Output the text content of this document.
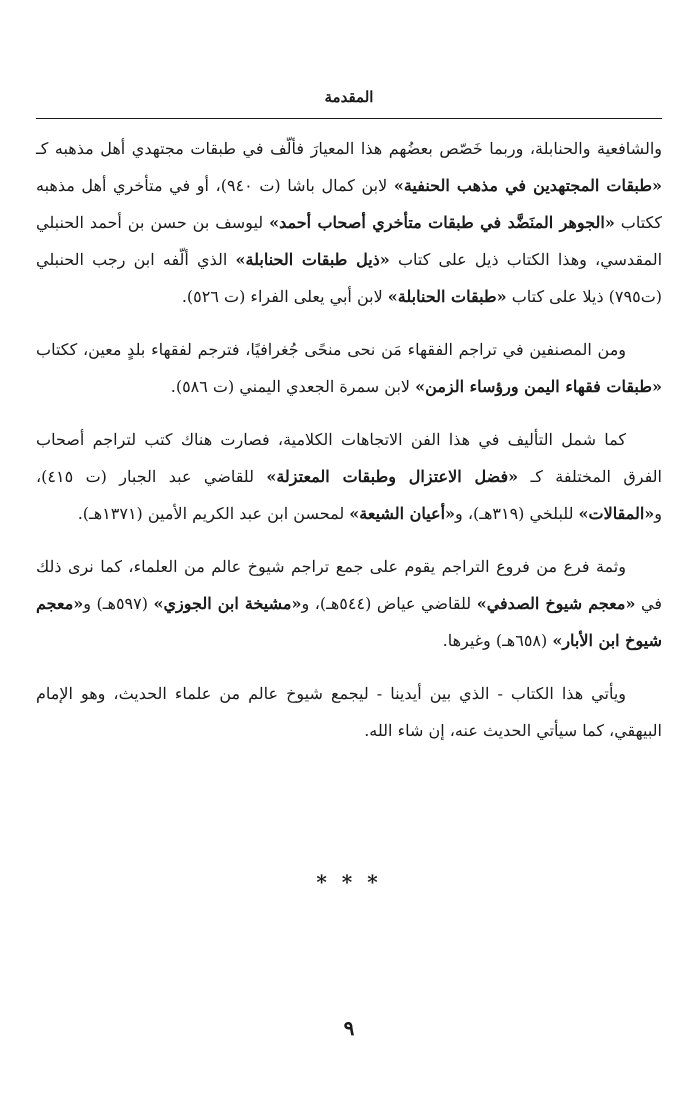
المقدمة

والشافعية والحنابلة، وربما خَصّص بعضُهم هذا المعيارَ فألّف في طبقات مجتهدي أهل مذهبه كـ «طبقات المجتهدين في مذهب الحنفية» لابن كمال باشا (ت ٩٤٠)، أو في متأخري أهل مذهبه ككتاب «الجوهر المنَضَّد في طبقات متأخري أصحاب أحمد» ليوسف بن حسن بن أحمد الحنبلي المقدسي، وهذا الكتاب ذيل على كتاب «ذيل طبقات الحنابلة» الذي ألّفه ابن رجب الحنبلي (ت٧٩٥) ذيلا على كتاب «طبقات الحنابلة» لابن أبي يعلى الفراء (ت ٥٢٦).

ومن المصنفين في تراجم الفقهاء مَن نحى منحًى جُغرافيًا، فترجم لفقهاء بلدٍ معين، ككتاب «طبقات فقهاء اليمن ورؤساء الزمن» لابن سمرة الجعدي اليمني (ت ٥٨٦).

كما شمل التأليف في هذا الفن الاتجاهات الكلامية، فصارت هناك كتب لتراجم أصحاب الفرق المختلفة كـ «فضل الاعتزال وطبقات المعتزلة» للقاضي عبد الجبار (ت ٤١٥)، و«المقالات» للبلخي (٣١٩هـ)، و«أعيان الشيعة» لمحسن ابن عبد الكريم الأمين (١٣٧١هـ).

وثمة فرع من فروع التراجم يقوم على جمع تراجم شيوخ عالم من العلماء، كما نرى ذلك في «معجم شيوخ الصدفي» للقاضي عياض (٥٤٤هـ)، و«مشيخة ابن الجوزي» (٥٩٧هـ) و«معجم شيوخ ابن الأبار» (٦٥٨هـ) وغيرها.

ويأتي هذا الكتاب - الذي بين أيدينا - ليجمع شيوخ عالم من علماء الحديث، وهو الإمام البيهقي، كما سيأتي الحديث عنه، إن شاء الله.

* * *
٩
